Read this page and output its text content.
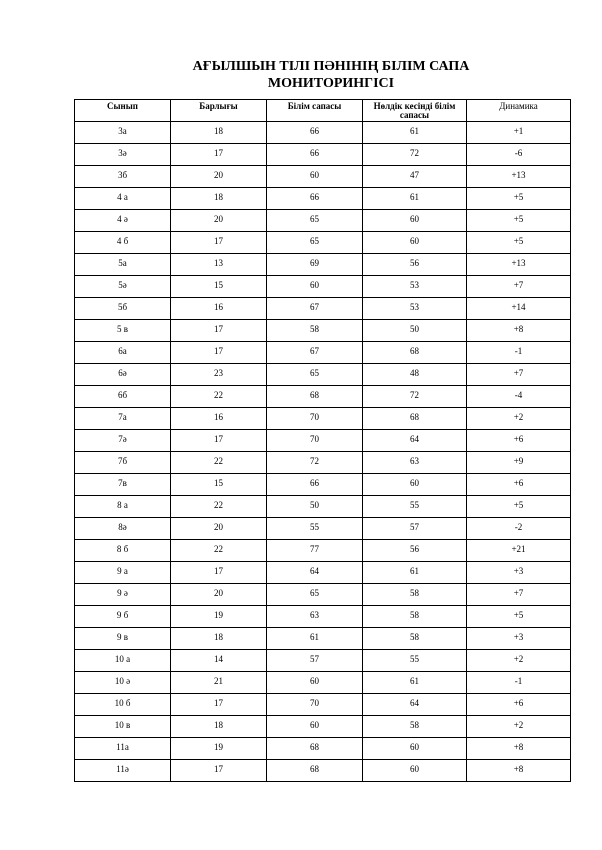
АҒЫЛШЫН ТІЛІ ПӘНІНІҢ БІЛІМ САПА
МОНИТОРИНГІСІ
Сынып	Барлығы	Білім сапасы	Нөлдік кесінді білім сапасы	Динамика
3а	18	66	61	+1
3ә	17	66	72	-6
3б	20	60	47	+13
4 а	18	66	61	+5
4 ә	20	65	60	+5
4 б	17	65	60	+5
5а	13	69	56	+13
5ә	15	60	53	+7
5б	16	67	53	+14
5 в	17	58	50	+8
6а	17	67	68	-1
6ә	23	65	48	+7
6б	22	68	72	-4
7а	16	70	68	+2
7ә	17	70	64	+6
7б	22	72	63	+9
7в	15	66	60	+6
8 а	22	50	55	+5
8ә	20	55	57	-2
8 б	22	77	56	+21
9 а	17	64	61	+3
9 ә	20	65	58	+7
9 б	19	63	58	+5
9 в	18	61	58	+3
10 а	14	57	55	+2
10 ә	21	60	61	-1
10 б	17	70	64	+6
10 в	18	60	58	+2
11а	19	68	60	+8
11ә	17	68	60	+8
